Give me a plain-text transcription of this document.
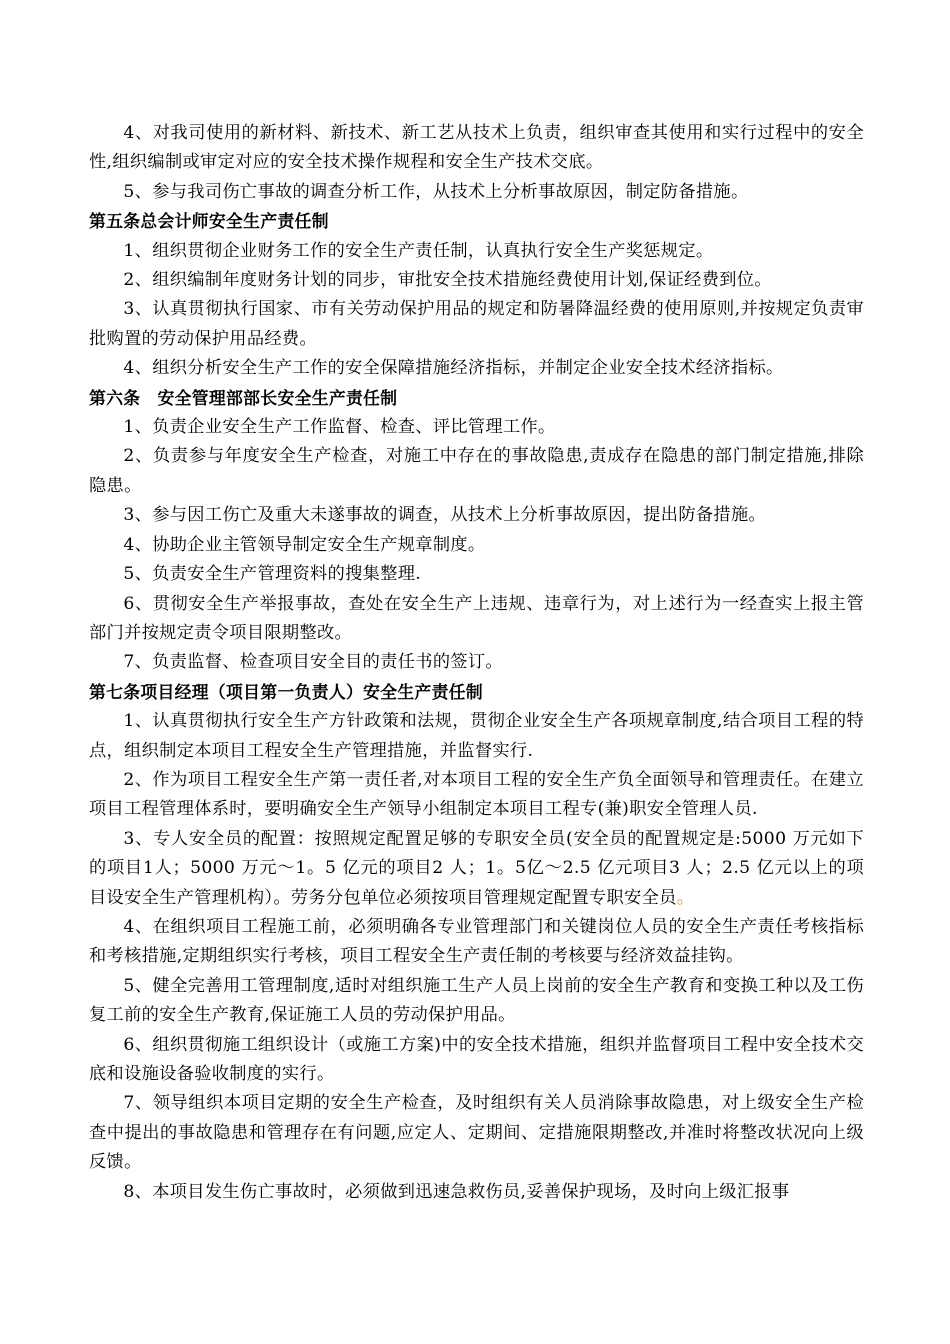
4、对我司使用的新材料、新技术、新工艺从技术上负责，组织审查其使用和实行过程中的安全性,组织编制或审定对应的安全技术操作规程和安全生产技术交底。

5、参与我司伤亡事故的调查分析工作，从技术上分析事故原因，制定防备措施。

第五条总会计师安全生产责任制

1、组织贯彻企业财务工作的安全生产责任制，认真执行安全生产奖惩规定。

2、组织编制年度财务计划的同步，审批安全技术措施经费使用计划,保证经费到位。

3、认真贯彻执行国家、市有关劳动保护用品的规定和防暑降温经费的使用原则,并按规定负责审批购置的劳动保护用品经费。

4、组织分析安全生产工作的安全保障措施经济指标，并制定企业安全技术经济指标。

第六条　安全管理部部长安全生产责任制

1、负责企业安全生产工作监督、检查、评比管理工作。

2、负责参与年度安全生产检查，对施工中存在的事故隐患,责成存在隐患的部门制定措施,排除隐患。

3、参与因工伤亡及重大未遂事故的调查，从技术上分析事故原因，提出防备措施。

4、协助企业主管领导制定安全生产规章制度。

5、负责安全生产管理资料的搜集整理.

6、贯彻安全生产举报事故，查处在安全生产上违规、违章行为，对上述行为一经查实上报主管部门并按规定责令项目限期整改。

7、负责监督、检查项目安全目的责任书的签订。

第七条项目经理（项目第一负责人）安全生产责任制

1、认真贯彻执行安全生产方针政策和法规，贯彻企业安全生产各项规章制度,结合项目工程的特点，组织制定本项目工程安全生产管理措施，并监督实行.

2、作为项目工程安全生产第一责任者,对本项目工程的安全生产负全面领导和管理责任。在建立项目工程管理体系时，要明确安全生产领导小组制定本项目工程专(兼)职安全管理人员.

3、专人安全员的配置：按照规定配置足够的专职安全员(安全员的配置规定是:5000 万元如下的项目1人；5000 万元～1。5 亿元的项目2 人；1。5亿～2.5 亿元项目3 人；2.5 亿元以上的项目设安全生产管理机构）。劳务分包单位必须按项目管理规定配置专职安全员。

4、在组织项目工程施工前，必须明确各专业管理部门和关键岗位人员的安全生产责任考核指标和考核措施,定期组织实行考核，项目工程安全生产责任制的考核要与经济效益挂钩。

5、健全完善用工管理制度,适时对组织施工生产人员上岗前的安全生产教育和变换工种以及工伤复工前的安全生产教育,保证施工人员的劳动保护用品。

6、组织贯彻施工组织设计（或施工方案)中的安全技术措施，组织并监督项目工程中安全技术交底和设施设备验收制度的实行。

7、领导组织本项目定期的安全生产检查，及时组织有关人员消除事故隐患，对上级安全生产检查中提出的事故隐患和管理存在有问题,应定人、定期间、定措施限期整改,并准时将整改状况向上级反馈。

8、本项目发生伤亡事故时，必须做到迅速急救伤员,妥善保护现场，及时向上级汇报事
